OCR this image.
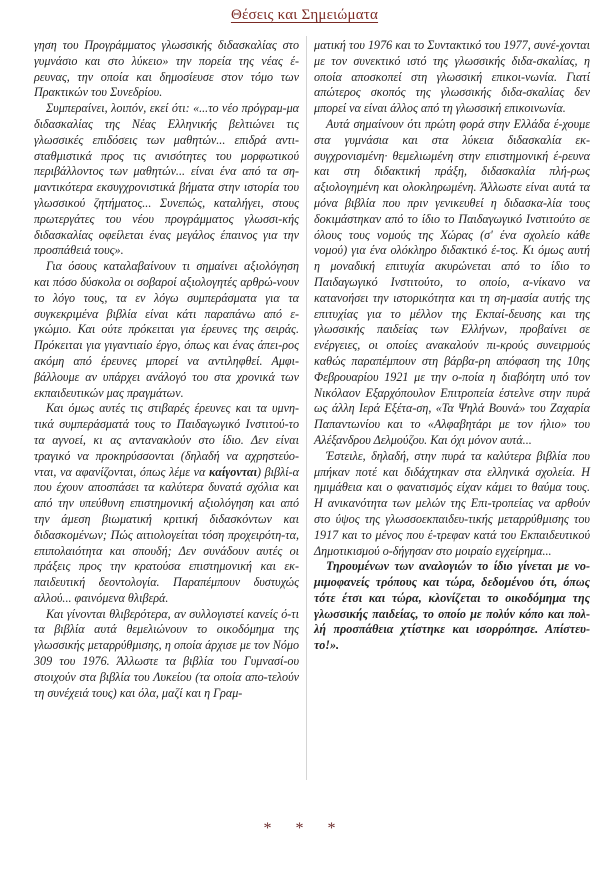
Θέσεις και Σημειώματα

γηση του Προγράμματος γλωσσικής διδασκαλίας στο γυμνάσιο και στο λύκειο» την πορεία της νέας έ-ρευνας, την οποία και δημοσίευσε στον τόμο των Πρακτικών του Συνεδρίου.

Συμπεραίνει, λοιπόν, εκεί ότι: «...το νέο πρόγραμ-μα διδασκαλίας της Νέας Ελληνικής βελτιώνει τις γλωσσικές επιδόσεις των μαθητών... επιδρά αντι-σταθμιστικά προς τις ανισότητες του μορφωτικού περιβάλλοντος των μαθητών... είναι ένα από τα ση-μαντικότερα εκσυγχρονιστικά βήματα στην ιστορία του γλωσσικού ζητήματος... Συνεπώς, καταλήγει, στους πρωτεργάτες του νέου προγράμματος γλωσσι-κής διδασκαλίας οφείλεται ένας μεγάλος έπαινος για την προσπάθειά τους».

Για όσους καταλαβαίνουν τι σημαίνει αξιολόγηση και πόσο δύσκολα οι σοβαροί αξιολογητές αρθρώ-νουν το λόγο τους, τα εν λόγω συμπεράσματα για τα συγκεκριμένα βιβλία είναι κάτι παραπάνω από ε-γκώμιο. Και ούτε πρόκειται για έρευνες της σειράς. Πρόκειται για γιγαντιαίο έργο, όπως και ένας άπει-ρος ακόμη από έρευνες μπορεί να αντιληφθεί. Αμφι-βάλλουμε αν υπάρχει ανάλογό του στα χρονικά των εκπαιδευτικών μας πραγμάτων.

Και όμως αυτές τις στιβαρές έρευνες και τα υμνη-τικά συμπεράσματά τους το Παιδαγωγικό Ινστιτού-το τα αγνοεί, κι ας αντανακλούν στο ίδιο. Δεν είναι τραγικό να προκηρύσσονται (δηλαδή να αχρηστεύο-νται, να αφανίζονται, όπως λέμε να καίγονται) βιβλί-α που έχουν αποσπάσει τα καλύτερα δυνατά σχόλια και από την υπεύθυνη επιστημονική αξιολόγηση και από την άμεση βιωματική κριτική διδασκόντων και διδασκομένων; Πώς αιτιολογείται τόση προχειρότη-τα, επιπολαιότητα και σπουδή; Δεν συνάδουν αυτές οι πράξεις προς την κρατούσα επιστημονική και εκ-παιδευτική δεοντολογία. Παραπέμπουν δυστυχώς αλλού... φαινόμενα θλιβερά.

Και γίνονται θλιβερότερα, αν συλλογιστεί κανείς ό-τι τα βιβλία αυτά θεμελιώνουν το οικοδόμημα της γλωσσικής μεταρρύθμισης, η οποία άρχισε με τον Νόμο 309 του 1976. Άλλωστε τα βιβλία του Γυμνασί-ου στοιχούν στα βιβλία του Λυκείου (τα οποία απο-τελούν τη συνέχειά τους) και όλα, μαζί και η Γραμ-

ματική του 1976 και το Συντακτικό του 1977, συνέ-χονται με τον συνεκτικό ιστό της γλωσσικής διδα-σκαλίας, η οποία αποσκοπεί στη γλωσσική επικοι-νωνία. Γιατί απώτερος σκοπός της γλωσσικής διδα-σκαλίας δεν μπορεί να είναι άλλος από τη γλωσσική επικοινωνία.

Αυτά σημαίνουν ότι πρώτη φορά στην Ελλάδα έ-χουμε στα γυμνάσια και στα λύκεια διδασκαλία εκ-συγχρονισμένη· θεμελιωμένη στην επιστημονική έ-ρευνα και στη διδακτική πράξη, διδασκαλία πλή-ρως αξιολογημένη και ολοκληρωμένη. Άλλωστε είναι αυτά τα μόνα βιβλία που πριν γενικευθεί η διδασκα-λία τους δοκιμάστηκαν από το ίδιο το Παιδαγωγικό Ινστιτούτο σε όλους τους νομούς της Χώρας (σ' ένα σχολείο κάθε νομού) για ένα ολόκληρο διδακτικό έ-τος. Κι όμως αυτή η μοναδική επιτυχία ακυρώνεται από το ίδιο το Παιδαγωγικό Ινστιτούτο, το οποίο, α-νίκανο να κατανοήσει την ιστορικότητα και τη ση-μασία αυτής της επιτυχίας για το μέλλον της Εκπαί-δευσης και της γλωσσικής παιδείας των Ελλήνων, προβαίνει σε ενέργειες, οι οποίες ανακαλούν πι-κρούς συνειρμούς καθώς παραπέμπουν στη βάρβα-ρη απόφαση της 10ης Φεβρουαρίου 1921 με την ο-ποία η διαβόητη υπό τον Νικόλαον Εξαρχόπουλον Επιτροπεία έστελνε στην πυρά ως άλλη Ιερά Εξέτα-ση, «Τα Ψηλά Βουνά» του Ζαχαρία Παπαντωνίου και το «Αλφαβητάρι με τον ήλιο» του Αλέξανδρου Δελμούζου. Και όχι μόνον αυτά...

Έστειλε, δηλαδή, στην πυρά τα καλύτερα βιβλία που μπήκαν ποτέ και διδάχτηκαν στα ελληνικά σχολεία. Η ημιμάθεια και ο φανατισμός είχαν κάμει το θαύμα τους. Η ανικανότητα των μελών της Επι-τροπείας να αρθούν στο ύψος της γλωσσοεκπαιδευ-τικής μεταρρύθμισης του 1917 και το μένος που έ-τρεφαν κατά του Εκπαιδευτικού Δημοτικισμού ο-δήγησαν στο μοιραίο εγχείρημα...

Τηρουμένων των αναλογιών το ίδιο γίνεται με νο-μιμοφανείς τρόπους και τώρα, δεδομένου ότι, όπως τότε έτσι και τώρα, κλονίζεται το οικοδόμημα της γλωσσικής παιδείας, το οποίο με πολύν κόπο και πολ-λή προσπάθεια χτίστηκε και ισορρόπησε. Απίστευ-το!».

* * *
